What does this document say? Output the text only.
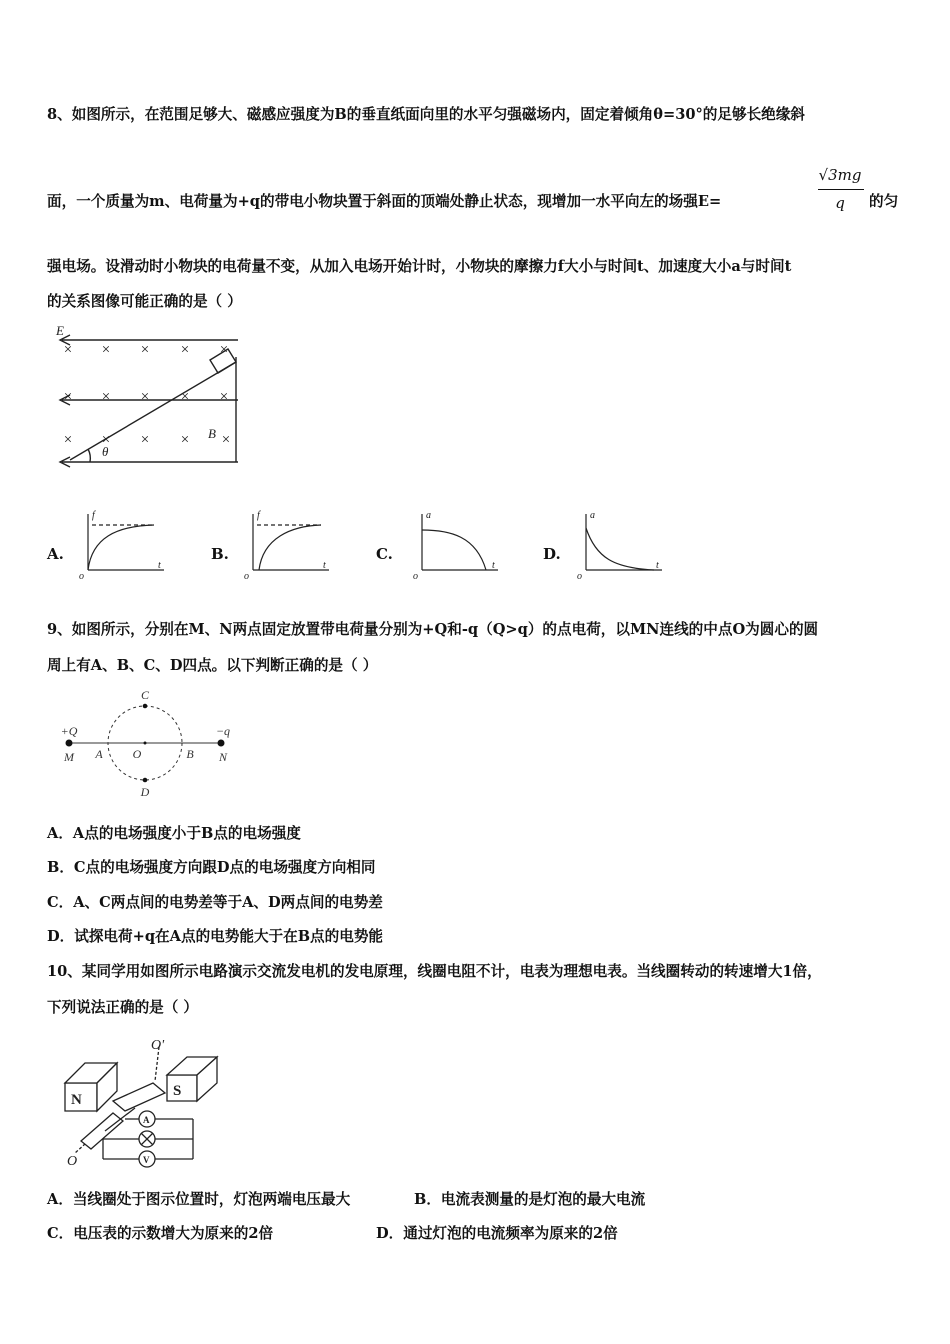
8、如图所示，在范围足够大、磁感应强度为B的垂直纸面向里的水平匀强磁场内，固定着倾角θ=30°的足够长绝缘斜
面，一个质量为m、电荷量为+q的带电小物块置于斜面的顶端处静止状态，现增加一水平向左的场强E=
√3mg
q	的匀
强电场。设滑动时小物块的电荷量不变，从加入电场开始计时，小物块的摩擦力f大小与时间t、加速度大小a与时间t
的关系图像可能正确的是（ ）
× × × × ×
× × × × ×
× × × × ×
E
B
θ
A.
f
t
o
B.
f
t
o
C.
a
t
o
D.
a
t
o
9、如图所示，分别在M、N两点固定放置带电荷量分别为+Q和-q（Q>q）的点电荷，以MN连线的中点O为圆心的圆
周上有A、B、C、D四点。以下判断正确的是（ ）
+Q
M
−q
N
A	B
C
D
O
A．A点的电场强度小于B点的电场强度
B．C点的电场强度方向跟D点的电场强度方向相同
C．A、C两点间的电势差等于A、D两点间的电势差
D．试探电荷+q在A点的电势能大于在B点的电势能
10、某同学用如图所示电路演示交流发电机的发电原理，线圈电阻不计，电表为理想电表。当线圈转动的转速增大1倍，
下列说法正确的是（ ）
N
S
A
V
O'
O
A．当线圈处于图示位置时，灯泡两端电压最大	B．电流表测量的是灯泡的最大电流
C．电压表的示数增大为原来的2倍	D．通过灯泡的电流频率为原来的2倍
